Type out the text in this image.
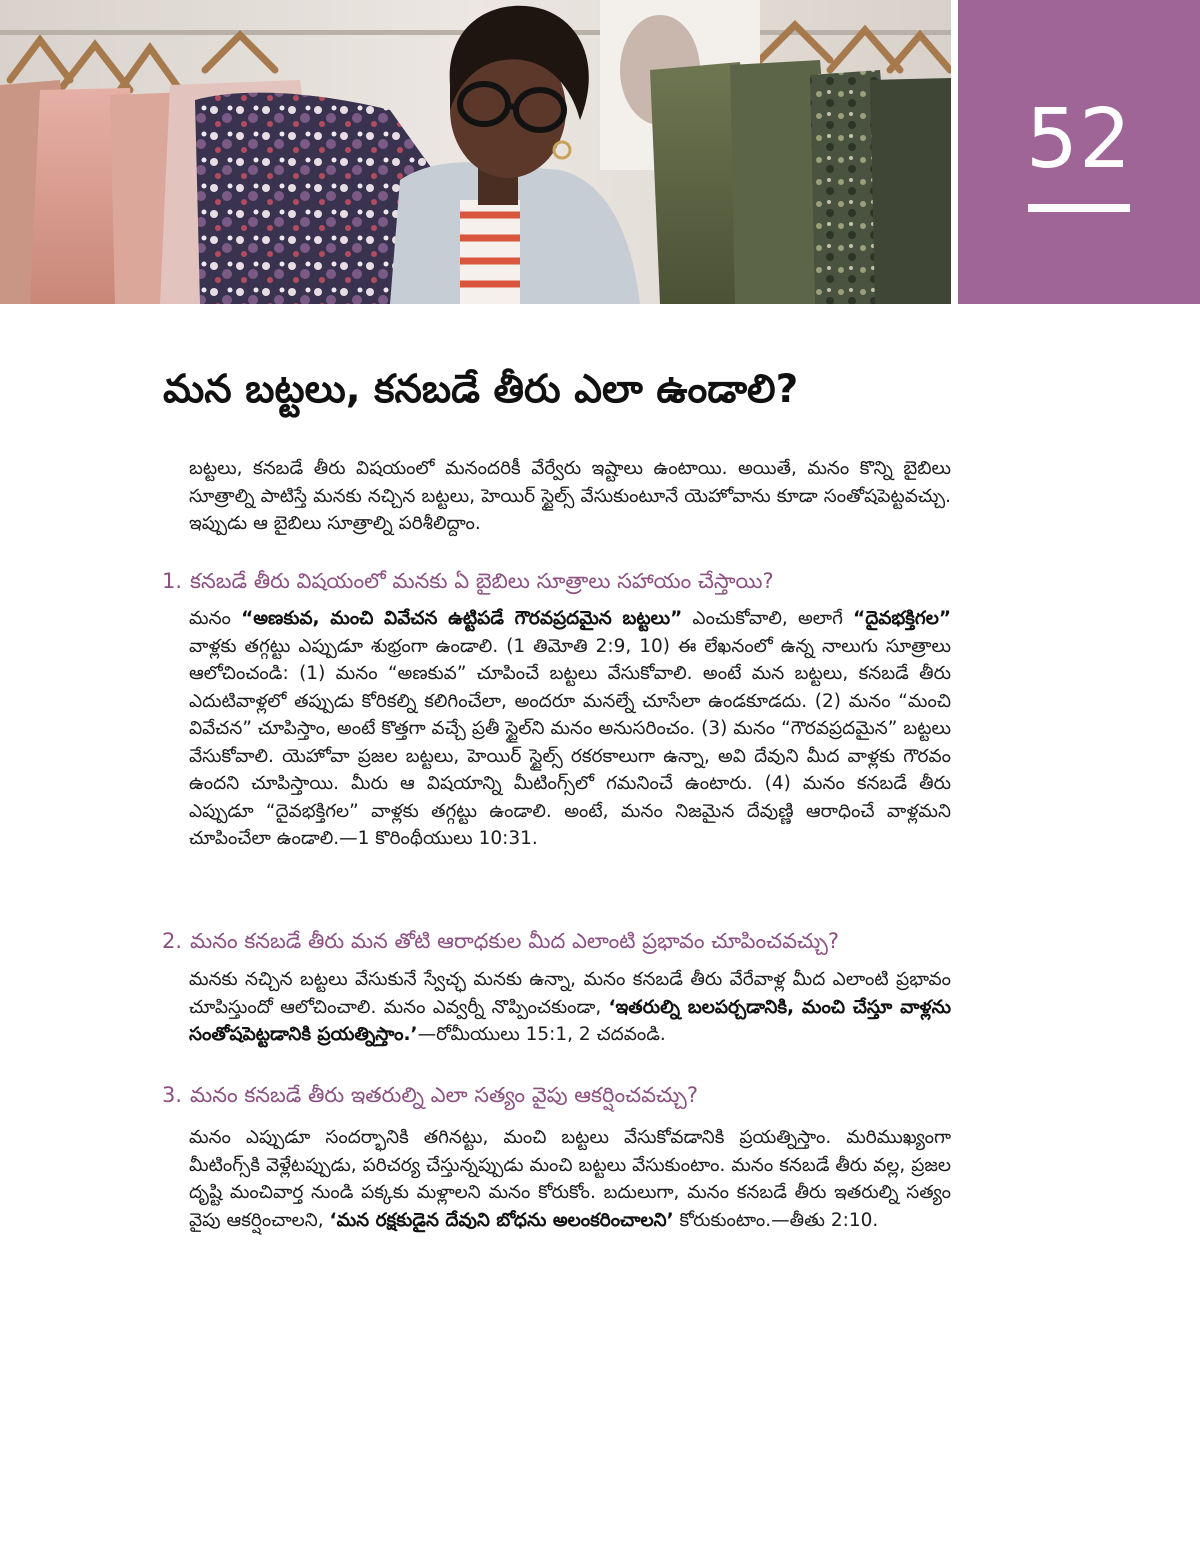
52
మన బట్టలు, కనబడే తీరు ఎలా ఉండాలి?

బట్టలు, కనబడే తీరు విషయంలో మనందరికీ వేర్వేరు ఇష్టాలు ఉంటాయి. అయితే, మనం కొన్ని బైబిలు సూత్రాల్ని పాటిస్తే మనకు నచ్చిన బట్టలు, హెయిర్ స్టైల్స్ వేసుకుంటూనే యెహోవాను కూడా సంతోషపెట్టవచ్చు. ఇప్పుడు ఆ బైబిలు సూత్రాల్ని పరిశీలిద్దాం.

1. కనబడే తీరు విషయంలో మనకు ఏ బైబిలు సూత్రాలు సహాయం చేస్తాయి?

మనం “అణకువ, మంచి వివేచన ఉట్టిపడే గౌరవప్రదమైన బట్టలు” ఎంచుకోవాలి, అలాగే “దైవభక్తిగల” వాళ్లకు తగ్గట్టు ఎప్పుడూ శుభ్రంగా ఉండాలి. (1 తిమోతి 2:9, 10) ఈ లేఖనంలో ఉన్న నాలుగు సూత్రాలు ఆలోచించండి: (1) మనం “అణకువ” చూపించే బట్టలు వేసుకోవాలి. అంటే మన బట్టలు, కనబడే తీరు ఎదుటివాళ్లలో తప్పుడు కోరికల్ని కలిగించేలా, అందరూ మనల్నే చూసేలా ఉండకూడదు. (2) మనం “మంచి వివేచన” చూపిస్తాం, అంటే కొత్తగా వచ్చే ప్రతీ స్టైల్‌ని మనం అనుసరించం. (3) మనం “గౌరవప్రదమైన” బట్టలు వేసుకోవాలి. యెహోవా ప్రజల బట్టలు, హెయిర్ స్టైల్స్ రకరకాలుగా ఉన్నా, అవి దేవుని మీద వాళ్లకు గౌరవం ఉందని చూపిస్తాయి. మీరు ఆ విషయాన్ని మీటింగ్స్‌లో గమనించే ఉంటారు. (4) మనం కనబడే తీరు ఎప్పుడూ “దైవభక్తిగల” వాళ్లకు తగ్గట్టు ఉండాలి. అంటే, మనం నిజమైన దేవుణ్ణి ఆరాధించే వాళ్లమని చూపించేలా ఉండాలి.—1 కొరింథీయులు 10:31.

2. మనం కనబడే తీరు మన తోటి ఆరాధకుల మీద ఎలాంటి ప్రభావం చూపించవచ్చు?

మనకు నచ్చిన బట్టలు వేసుకునే స్వేచ్ఛ మనకు ఉన్నా, మనం కనబడే తీరు వేరేవాళ్ల మీద ఎలాంటి ప్రభావం చూపిస్తుందో ఆలోచించాలి. మనం ఎవ్వర్నీ నొప్పించకుండా, ‘ఇతరుల్ని బలపర్చడానికి, మంచి చేస్తూ వాళ్లను సంతోషపెట్టడానికి ప్రయత్నిస్తాం.’—రోమీయులు 15:1, 2 చదవండి.

3. మనం కనబడే తీరు ఇతరుల్ని ఎలా సత్యం వైపు ఆకర్షించవచ్చు?

మనం ఎప్పుడూ సందర్భానికి తగినట్టు, మంచి బట్టలు వేసుకోవడానికి ప్రయత్నిస్తాం. మరిముఖ్యంగా మీటింగ్స్‌కి వెళ్లేటప్పుడు, పరిచర్య చేస్తున్నప్పుడు మంచి బట్టలు వేసుకుంటాం. మనం కనబడే తీరు వల్ల, ప్రజల దృష్టి మంచివార్త నుండి పక్కకు మళ్లాలని మనం కోరుకోం. బదులుగా, మనం కనబడే తీరు ఇతరుల్ని సత్యం వైపు ఆకర్షించాలని, ‘మన రక్షకుడైన దేవుని బోధను అలంకరించాలని’ కోరుకుంటాం.—తీతు 2:10.
